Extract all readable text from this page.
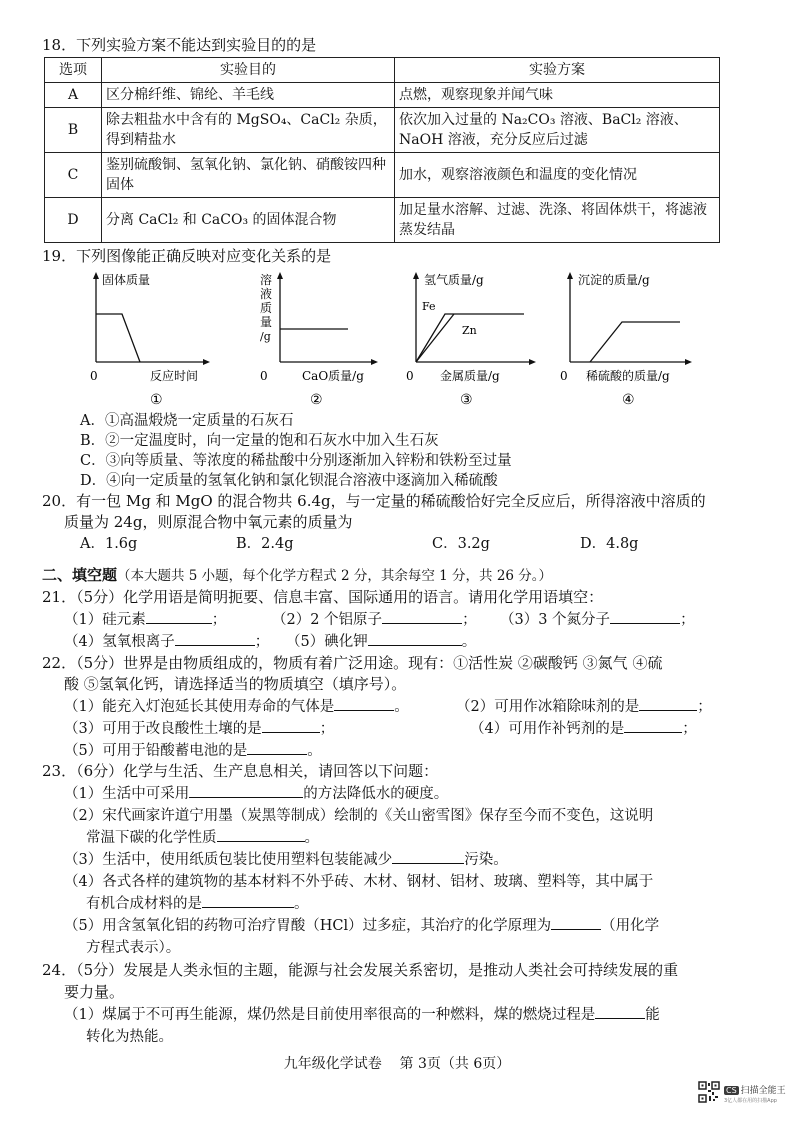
18．下列实验方案不能达到实验目的的是
选项	实验目的	实验方案
A	区分棉纤维、锦纶、羊毛线	点燃，观察现象并闻气味
B	除去粗盐水中含有的 MgSO₄、CaCl₂ 杂质，得到精盐水	依次加入过量的 Na₂CO₃ 溶液、BaCl₂ 溶液、NaOH 溶液，充分反应后过滤
C	鉴别硫酸铜、氢氧化钠、氯化钠、硝酸铵四种固体	加水，观察溶液颜色和温度的变化情况
D	分离 CaCl₂ 和 CaCO₃ 的固体混合物	加足量水溶解、过滤、洗涤、将固体烘干，将滤液蒸发结晶
19．下列图像能正确反映对应变化关系的是
固体质量
0	反应时间
①
溶
液
质
量
/g
0	CaO质量/g
②
氢气质量/g
Fe
Zn
0 金属质量/g
③
沉淀的质量/g
0 稀硫酸的质量/g
④
A．①高温煅烧一定质量的石灰石
B．②一定温度时，向一定量的饱和石灰水中加入生石灰
C．③向等质量、等浓度的稀盐酸中分别逐渐加入锌粉和铁粉至过量
D．④向一定质量的氢氧化钠和氯化钡混合溶液中逐滴加入稀硫酸
20．有一包 Mg 和 MgO 的混合物共 6.4g，与一定量的稀硫酸恰好完全反应后，所得溶液中溶质的
质量为 24g，则原混合物中氧元素的质量为
A．1.6g	B．2.4g	C．3.2g	D．4.8g
二、填空题（本大题共 5 小题，每个化学方程式 2 分，其余每空 1 分，共 26 分。）
21．（5分）化学用语是简明扼要、信息丰富、国际通用的语言。请用化学用语填空：
（1）硅元素	；	（2）2 个铝原子	； （3）3 个氮分子	；
（4）氢氧根离子	； （5）碘化钾	。
22．（5分）世界是由物质组成的，物质有着广泛用途。现有：①活性炭 ②碳酸钙 ③氮气 ④硫
酸 ⑤氢氧化钙，请选择适当的物质填空（填序号）。
（1）能充入灯泡延长其使用寿命的气体是	。	（2）可用作冰箱除味剂的是	；
（3）可用于改良酸性土壤的是	；	（4）可用作补钙剂的是	；
（5）可用于铅酸蓄电池的是	。
23．（6分）化学与生活、生产息息相关，请回答以下问题：
（1）生活中可采用	的方法降低水的硬度。
（2）宋代画家许道宁用墨（炭黑等制成）绘制的《关山密雪图》保存至今而不变色，这说明
常温下碳的化学性质	。
（3）生活中，使用纸质包装比使用塑料包装能减少	污染。
（4）各式各样的建筑物的基本材料不外乎砖、木材、钢材、铝材、玻璃、塑料等，其中属于
有机合成材料的是	。
（5）用含氢氧化铝的药物可治疗胃酸（HCl）过多症，其治疗的化学原理为	（用化学
方程式表示）。
24．（5分）发展是人类永恒的主题，能源与社会发展关系密切，是推动人类社会可持续发展的重
要力量。
（1）煤属于不可再生能源，煤仍然是目前使用率很高的一种燃料，煤的燃烧过程是	能
转化为热能。
九年级化学试卷 第 3页（共 6页）
CS 扫描全能王
3亿人都在用的扫描App
